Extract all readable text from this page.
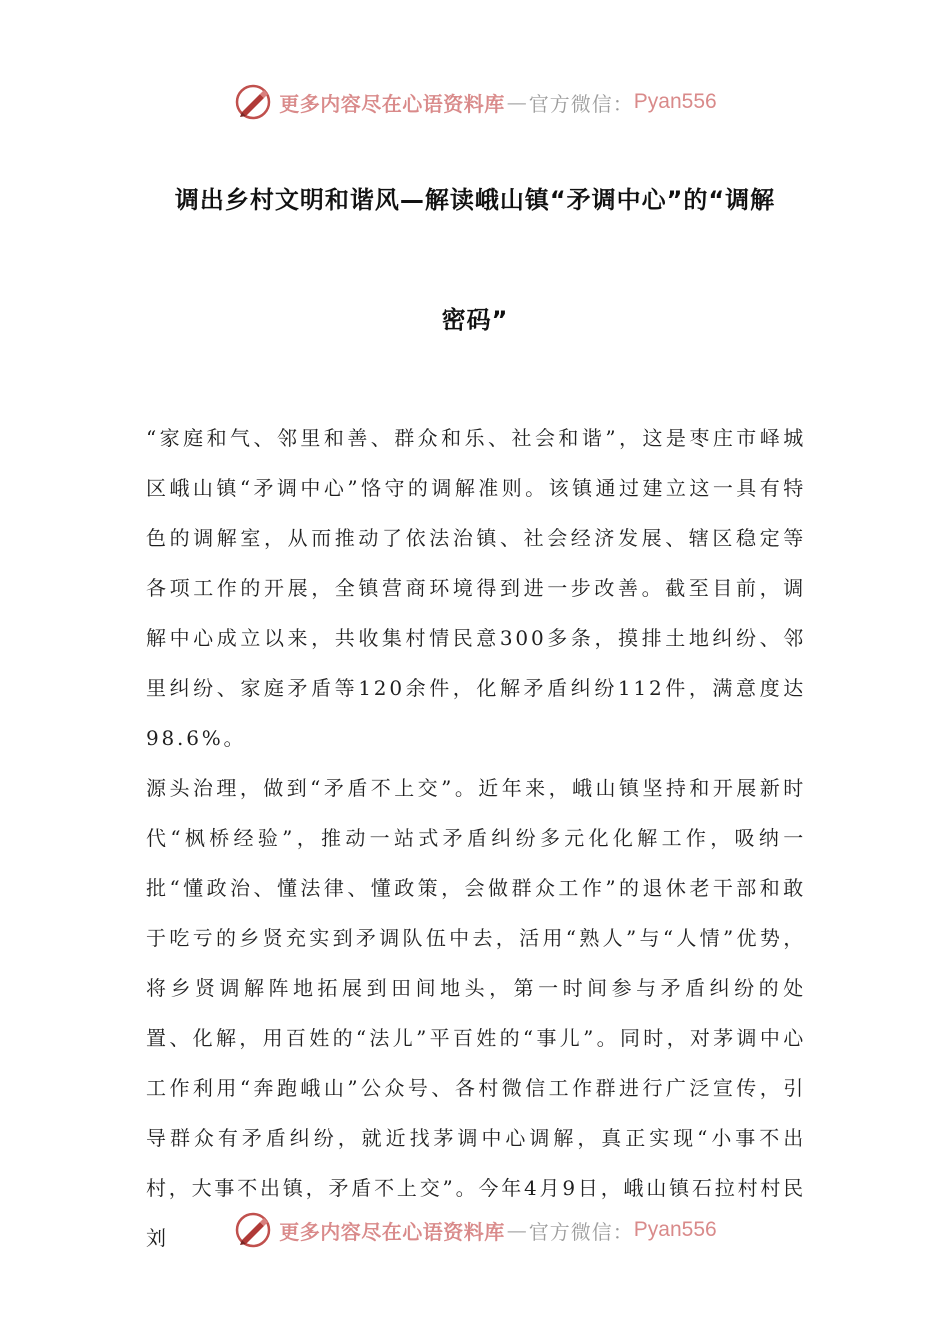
更多内容尽在心语资料库 — 官方微信： Pyan556
调出乡村文明和谐风—解读峨山镇“矛调中心”的“调解
密码”

“家庭和气、邻里和善、群众和乐、社会和谐”，这是枣庄市峄城区峨山镇“矛调中心”恪守的调解准则。该镇通过建立这一具有特色的调解室，从而推动了依法治镇、社会经济发展、辖区稳定等各项工作的开展，全镇营商环境得到进一步改善。截至目前，调解中心成立以来，共收集村情民意300多条，摸排土地纠纷、邻里纠纷、家庭矛盾等120余件，化解矛盾纠纷112件，满意度达98.6%。

源头治理，做到“矛盾不上交”。近年来，峨山镇坚持和开展新时代“枫桥经验”，推动一站式矛盾纠纷多元化化解工作，吸纳一批“懂政治、懂法律、懂政策，会做群众工作”的退休老干部和敢于吃亏的乡贤充实到矛调队伍中去，活用“熟人”与“人情”优势，将乡贤调解阵地拓展到田间地头，第一时间参与矛盾纠纷的处置、化解，用百姓的“法儿”平百姓的“事儿”。同时，对茅调中心工作利用“奔跑峨山”公众号、各村微信工作群进行广泛宣传，引导群众有矛盾纠纷，就近找茅调中心调解，真正实现“小事不出村，大事不出镇，矛盾不上交”。今年4月9日，峨山镇石拉村村民刘	更多内容尽在心语资料库 — 官方微信： Pyan556
